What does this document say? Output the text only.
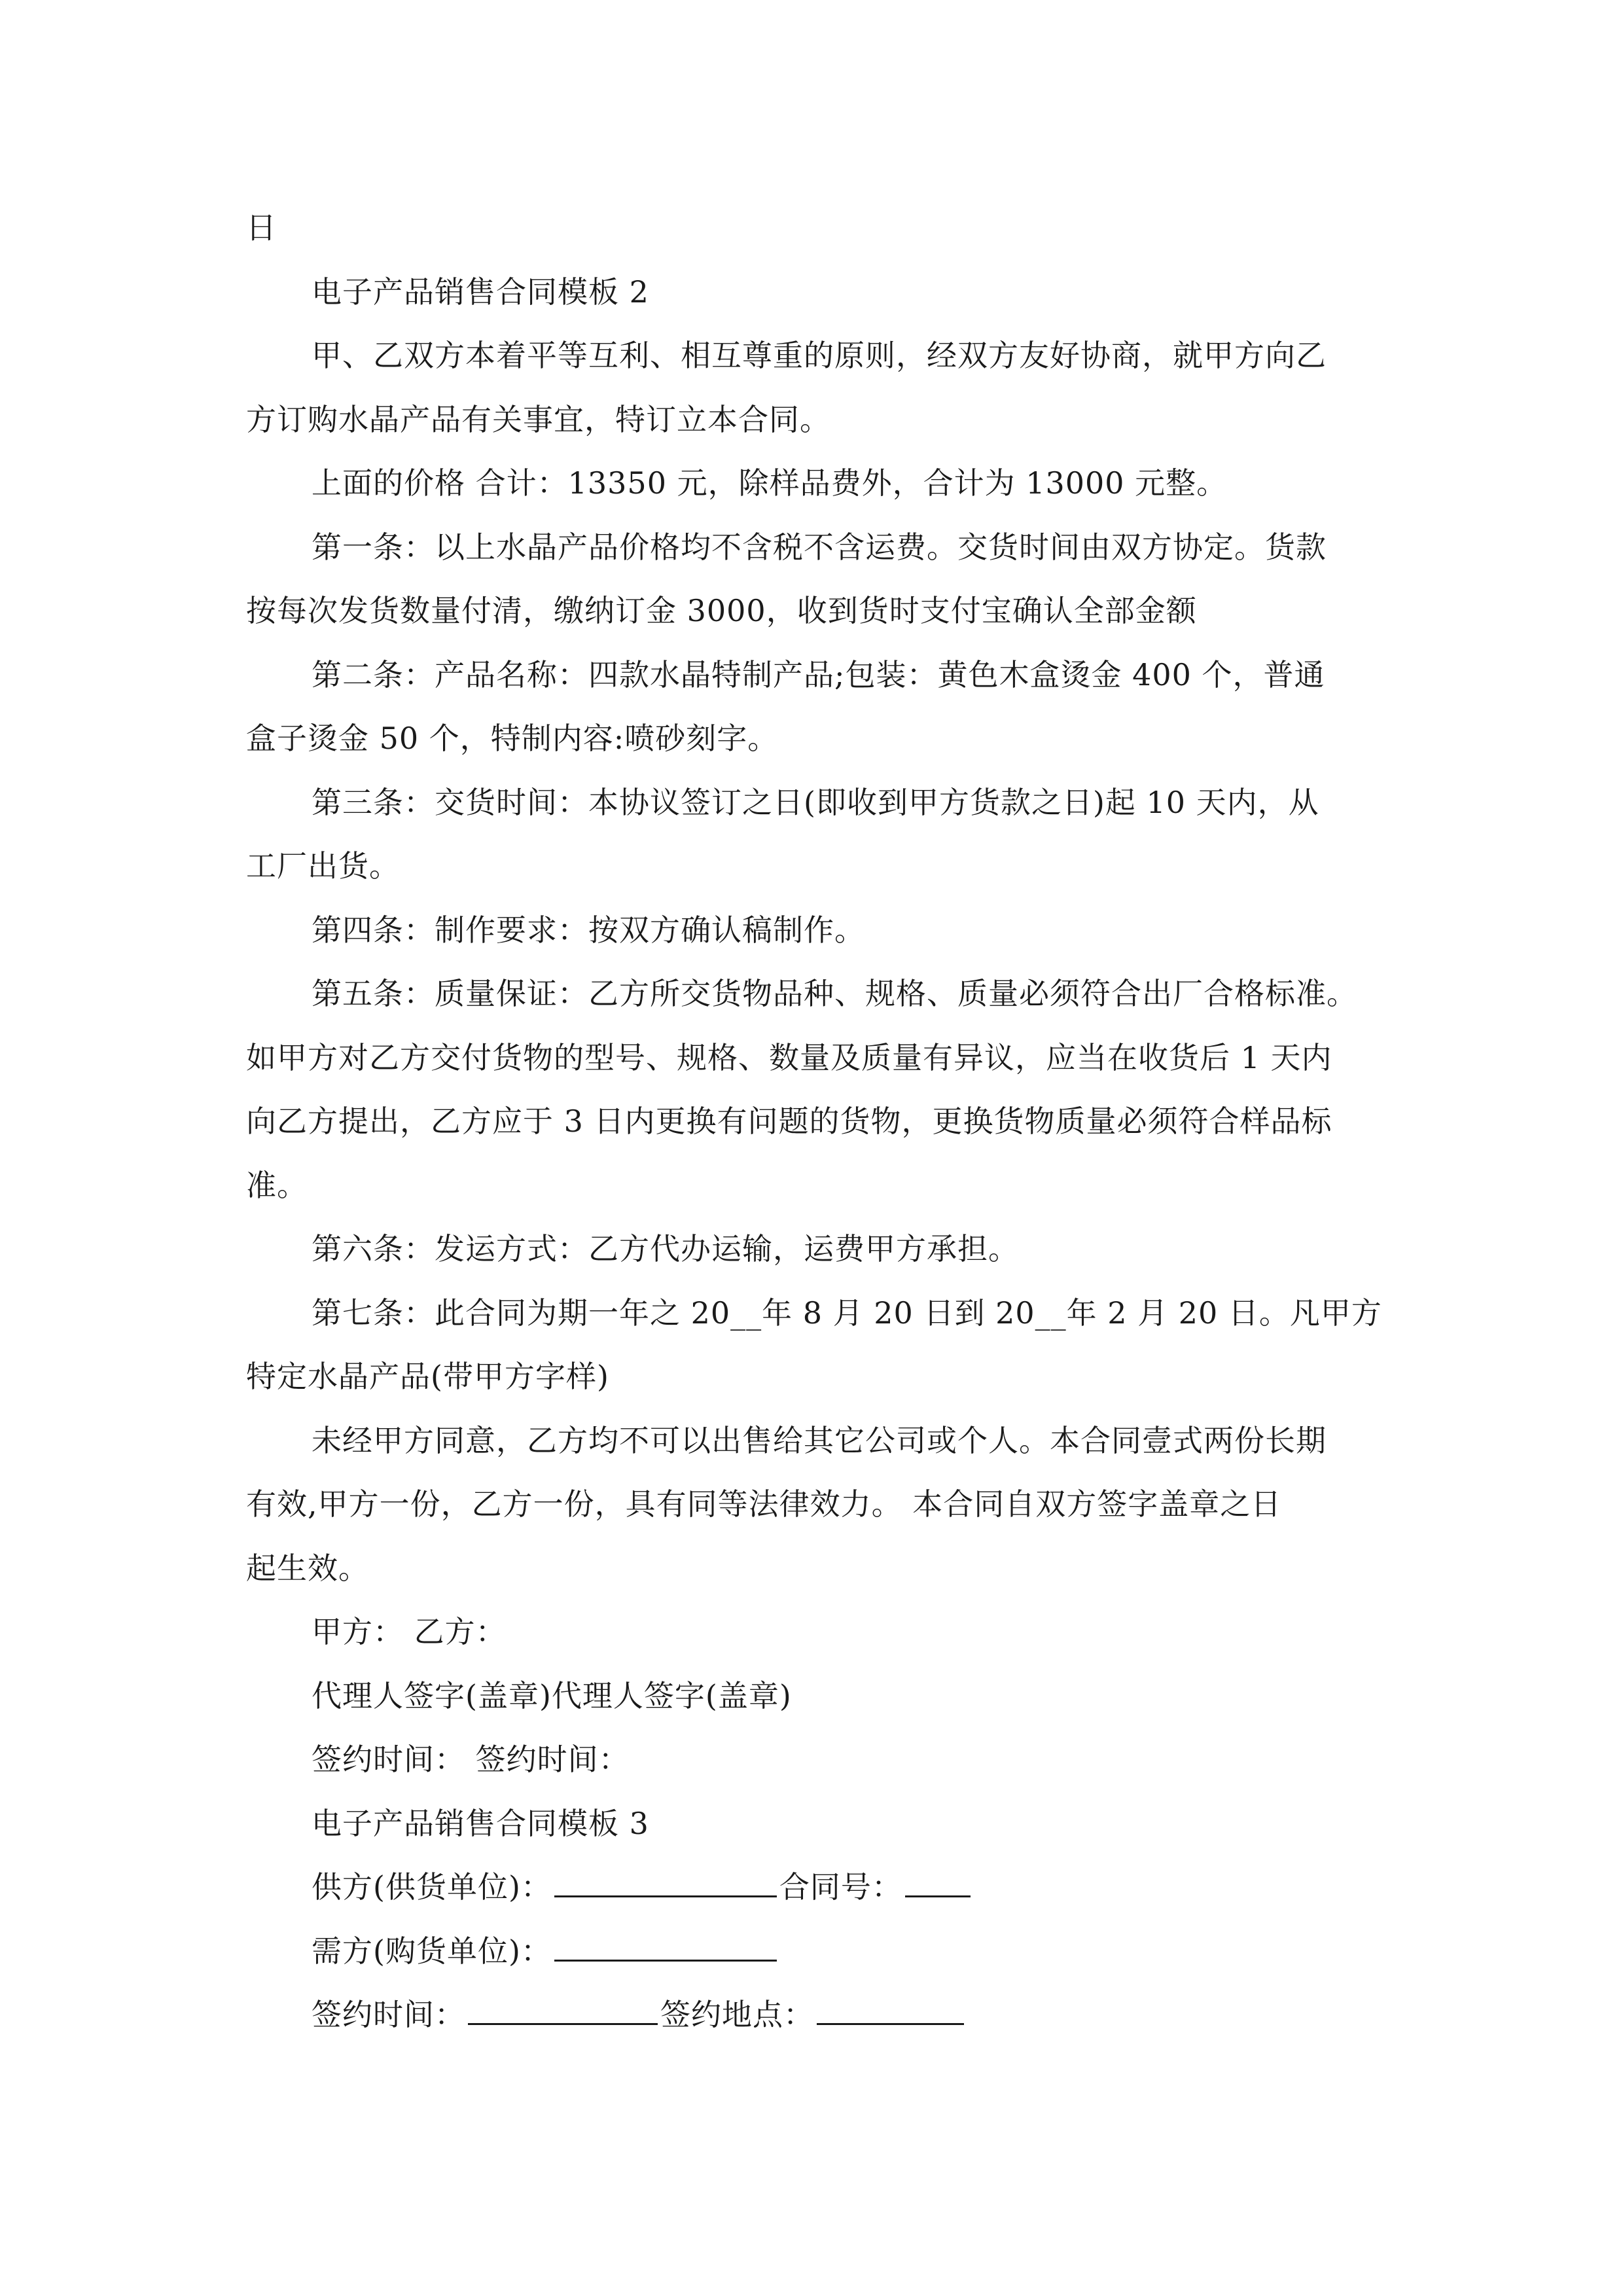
日
电子产品销售合同模板 2
甲、乙双方本着平等互利、相互尊重的原则，经双方友好协商，就甲方向乙
方订购水晶产品有关事宜，特订立本合同。
上面的价格 合计：13350 元，除样品费外，合计为 13000 元整。
第一条：以上水晶产品价格均不含税不含运费。交货时间由双方协定。货款
按每次发货数量付清，缴纳订金 3000，收到货时支付宝确认全部金额
第二条：产品名称：四款水晶特制产品;包装：黄色木盒烫金 400 个，普通
盒子烫金 50 个，特制内容:喷砂刻字。
第三条：交货时间：本协议签订之日(即收到甲方货款之日)起 10 天内，从
工厂出货。
第四条：制作要求：按双方确认稿制作。
第五条：质量保证：乙方所交货物品种、规格、质量必须符合出厂合格标准。
如甲方对乙方交付货物的型号、规格、数量及质量有异议，应当在收货后 1 天内
向乙方提出，乙方应于 3 日内更换有问题的货物，更换货物质量必须符合样品标
准。
第六条：发运方式：乙方代办运输，运费甲方承担。
第七条：此合同为期一年之 20__年 8 月 20 日到 20__年 2 月 20 日。凡甲方
特定水晶产品(带甲方字样)
未经甲方同意，乙方均不可以出售给其它公司或个人。本合同壹式两份长期
有效,甲方一份，乙方一份，具有同等法律效力。 本合同自双方签字盖章之日
起生效。
甲方： 乙方：
代理人签字(盖章)代理人签字(盖章)
签约时间： 签约时间：
电子产品销售合同模板 3
供方(供货单位)：	合同号：
需方(购货单位)：
签约时间：	签约地点：
